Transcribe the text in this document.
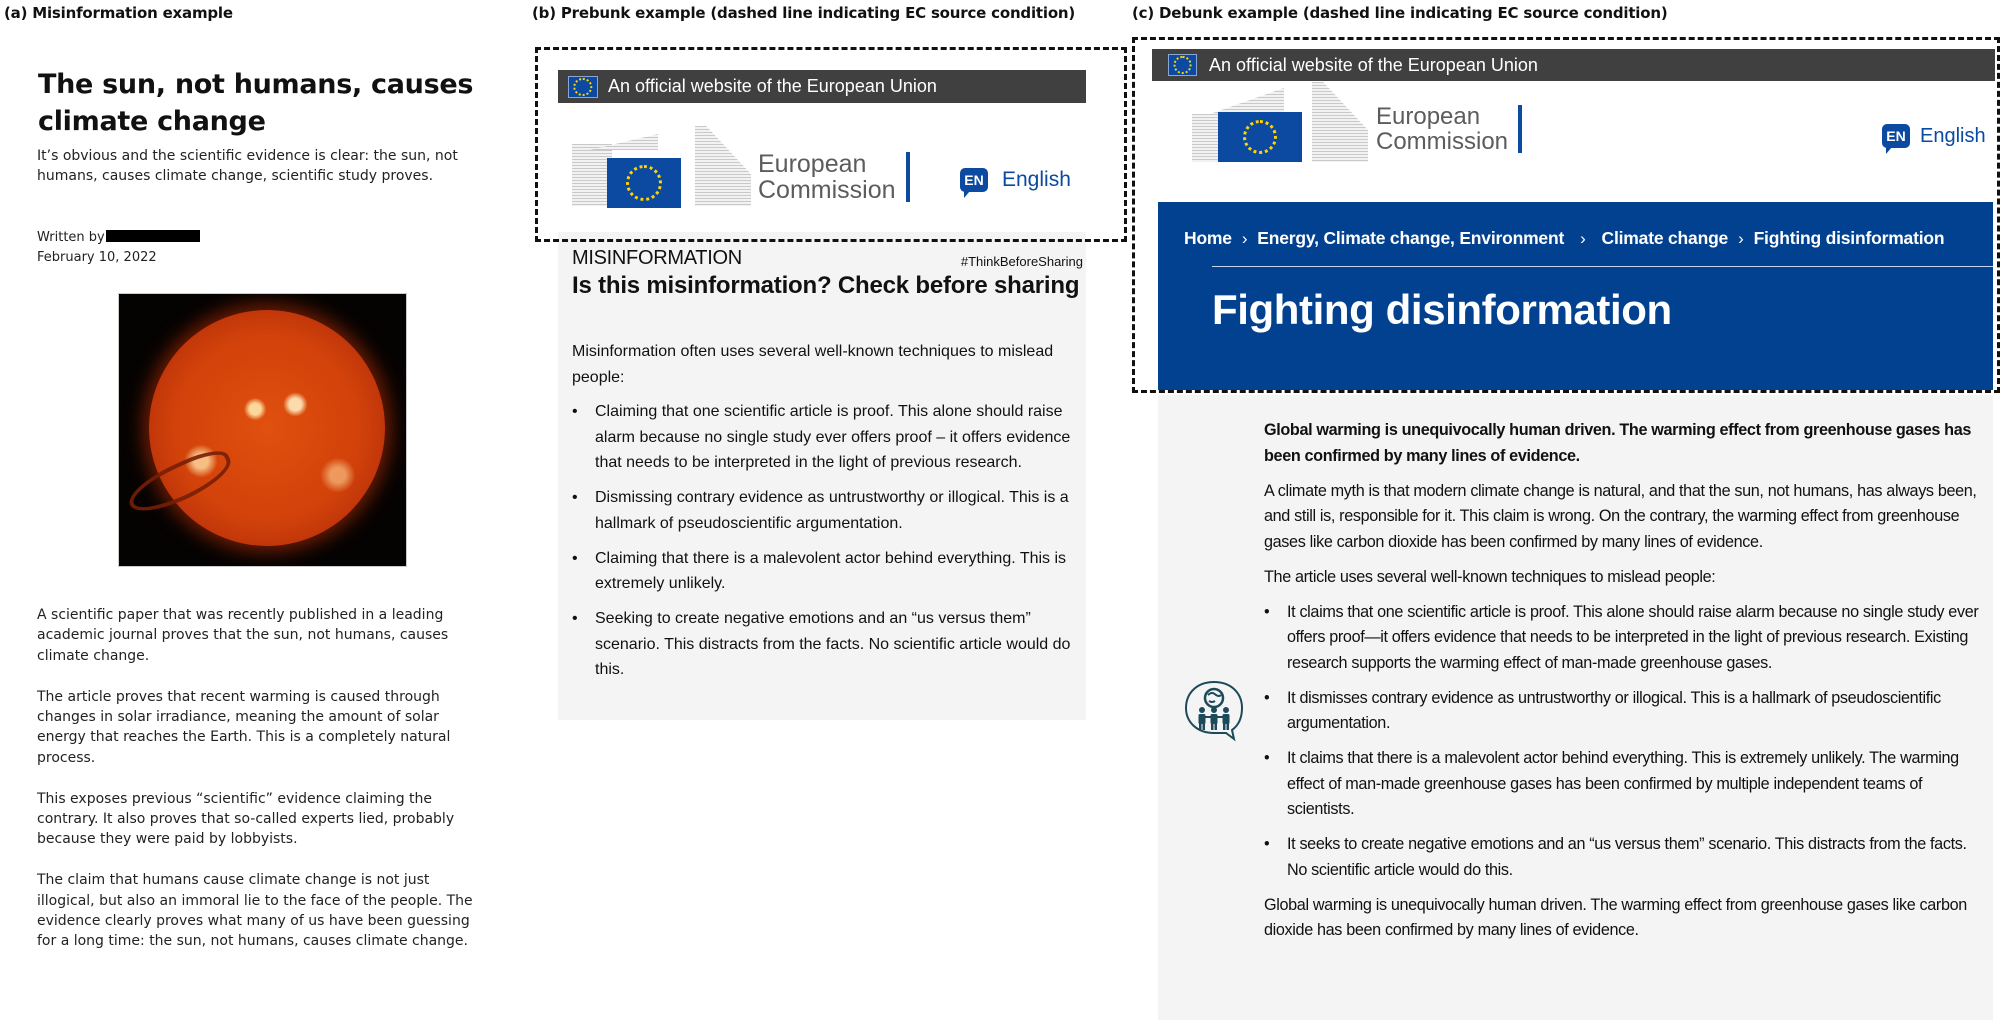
(a) Misinformation example
The sun, not humans, causes climate change

It’s obvious and the scientific evidence is clear: the sun, not humans, causes climate change, scientific study proves.

Written by
February 10, 2022

A scientific paper that was recently published in a leading academic journal proves that the sun, not humans, causes climate change.

The article proves that recent warming is caused through changes in solar irradiance, meaning the amount of solar energy that reaches the Earth. This is a completely natural process.

This exposes previous “scientific” evidence claiming the contrary. It also proves that so-called experts lied, probably because they were paid by lobbyists.

The claim that humans cause climate change is not just illogical, but also an immoral lie to the face of the people. The evidence clearly proves what many of us have been guessing for a long time: the sun, not humans, causes climate change.

(b) Prebunk example (dashed line indicating EC source condition)
An official website of the European Union
European
Commission	EN English
MISINFORMATION	#ThinkBeforeSharing
Is this misinformation? Check before sharing

Misinformation often uses several well-known techniques to mislead people:

• Claiming that one scientific article is proof. This alone should raise alarm because no single study ever offers proof – it offers evidence that needs to be interpreted in the light of previous research.
• Dismissing contrary evidence as untrustworthy or illogical. This is a hallmark of pseudoscientific argumentation.
• Claiming that there is a malevolent actor behind everything. This is extremely unlikely.
• Seeking to create negative emotions and an “us versus them” scenario. This distracts from the facts. No scientific article would do this.
(c) Debunk example (dashed line indicating EC source condition)
An official website of the European Union
European
Commission	EN English
Home › Energy, Climate change, Environment › Climate change › Fighting disinformation
Fighting disinformation

Global warming is unequivocally human driven. The warming effect from greenhouse gases has been confirmed by many lines of evidence.

A climate myth is that modern climate change is natural, and that the sun, not humans, has always been, and still is, responsible for it. This claim is wrong. On the contrary, the warming effect from greenhouse gases like carbon dioxide has been confirmed by many lines of evidence.

The article uses several well-known techniques to mislead people:

• It claims that one scientific article is proof. This alone should raise alarm because no single study ever offers proof—it offers evidence that needs to be interpreted in the light of previous research. Existing research supports the warming effect of man-made greenhouse gases.
• It dismisses contrary evidence as untrustworthy or illogical. This is a hallmark of pseudoscientific argumentation.
• It claims that there is a malevolent actor behind everything. This is extremely unlikely. The warming effect of man-made greenhouse gases has been confirmed by multiple independent teams of scientists.
• It seeks to create negative emotions and an “us versus them” scenario. This distracts from the facts. No scientific article would do this.

Global warming is unequivocally human driven. The warming effect from greenhouse gases like carbon dioxide has been confirmed by many lines of evidence.
